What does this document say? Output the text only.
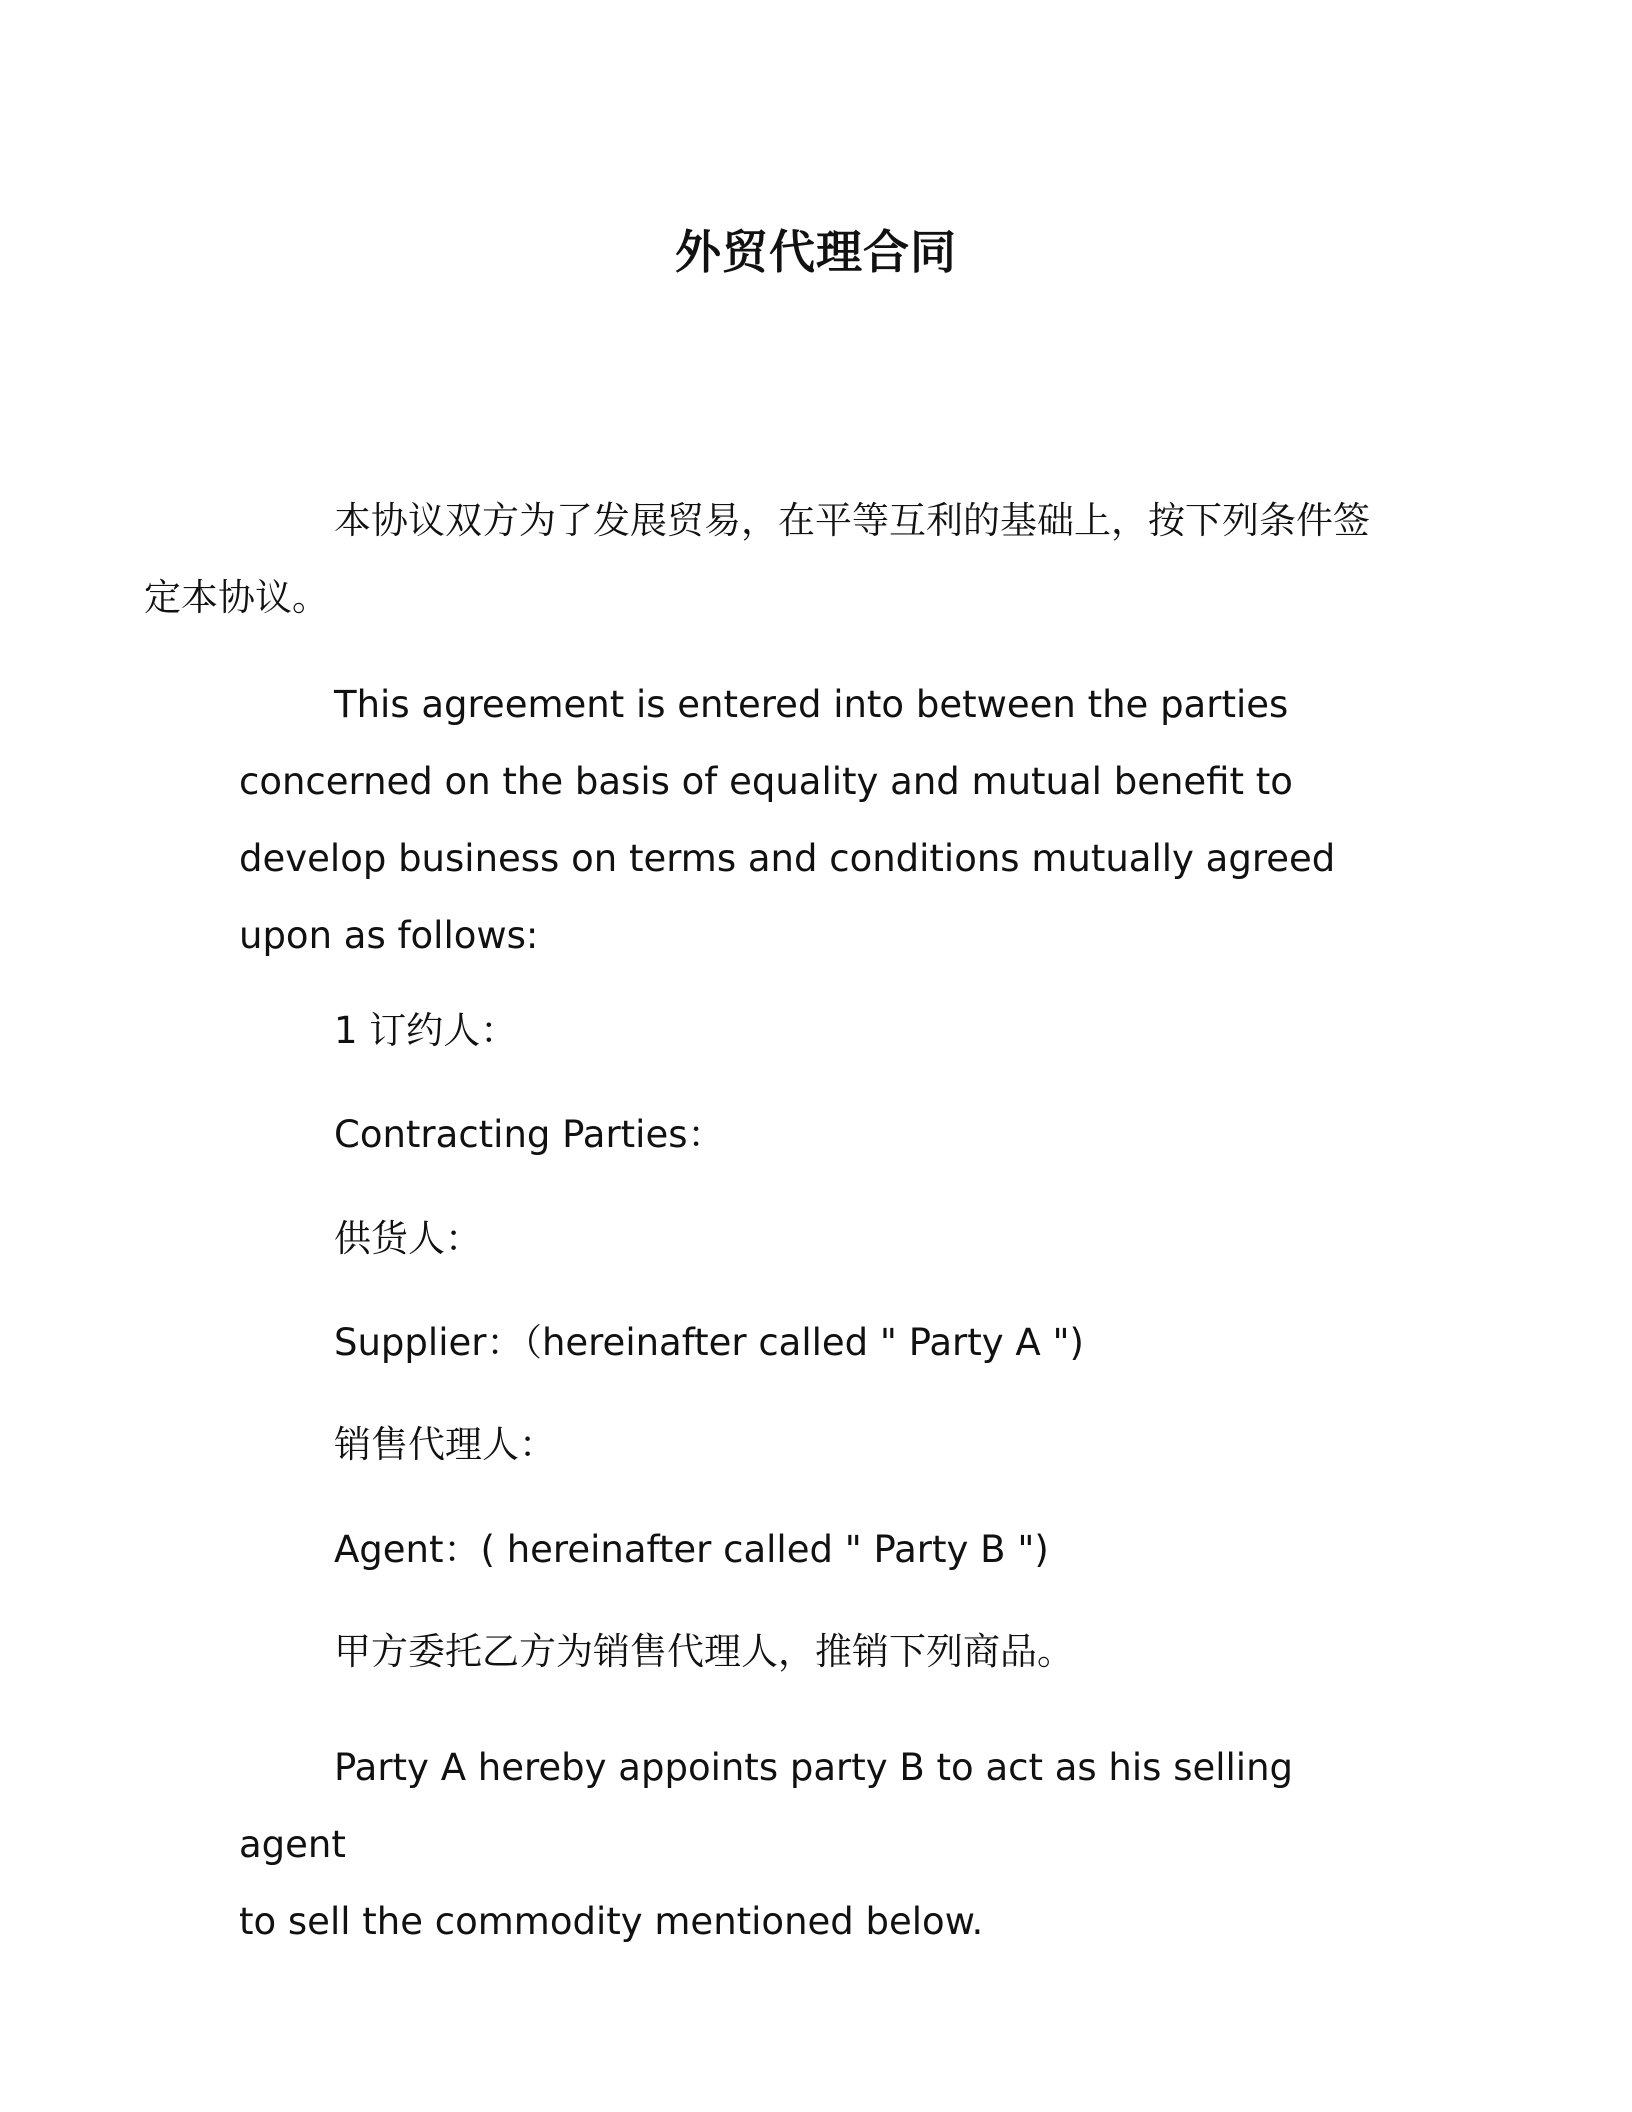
外贸代理合同
本协议双方为了发展贸易，在平等互利的基础上，按下列条件签
定本协议。
This agreement is entered into between the parties
concerned on the basis of equality and mutual benefit to
develop business on terms and conditions mutually agreed
upon as follows:
1 订约人：
Contracting Parties：
供货人：
Supplier：（hereinafter called " Party A ")
销售代理人：
Agent：( hereinafter called " Party B ")
甲方委托乙方为销售代理人，推销下列商品。
Party A hereby appoints party B to act as his selling agent
to sell the commodity mentioned below.
